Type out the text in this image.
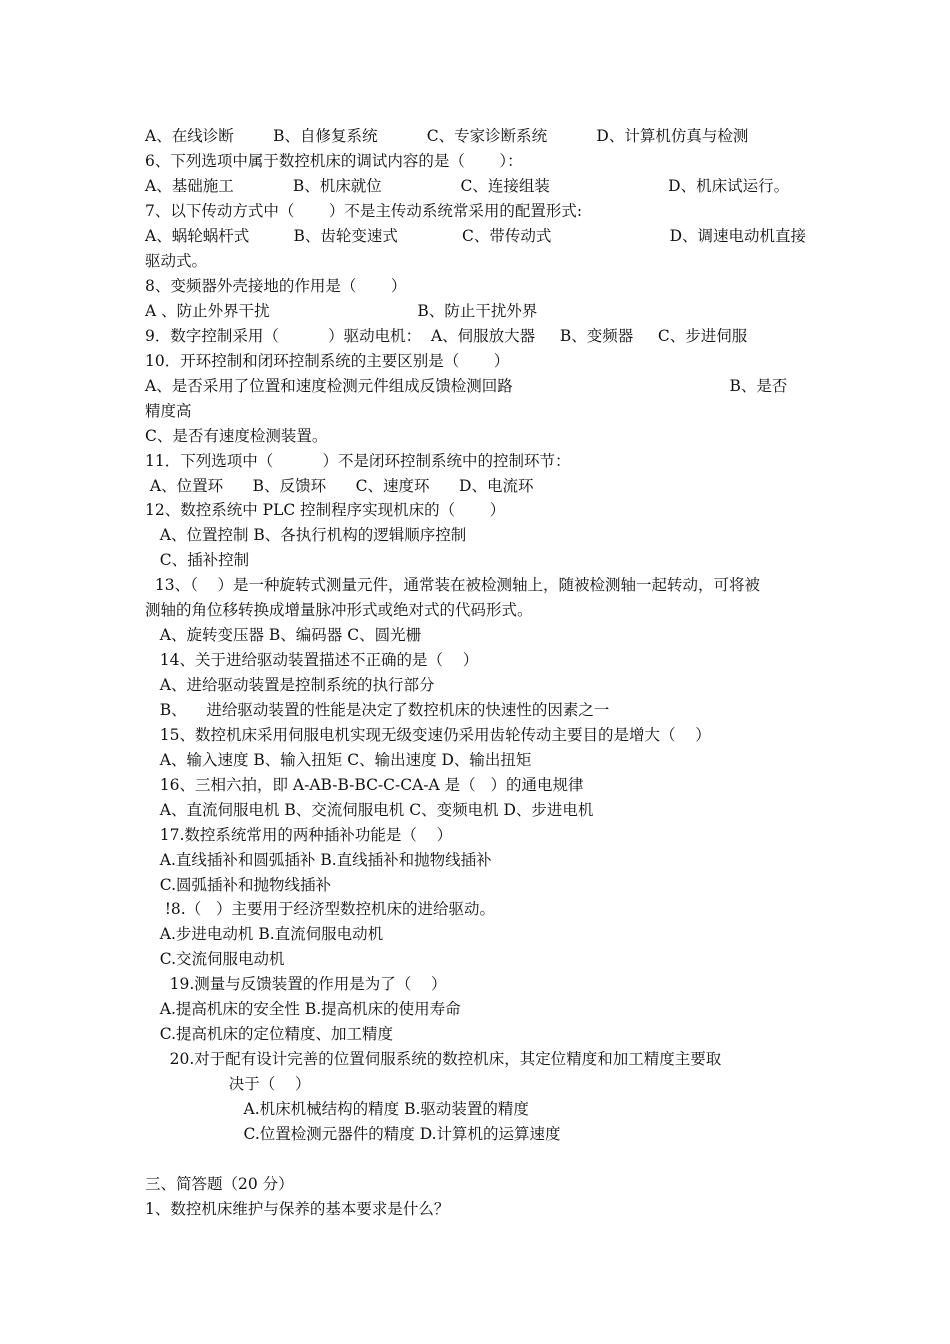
A、在线诊断        B、自修复系统          C、专家诊断系统          D、计算机仿真与检测
6、下列选项中属于数控机床的调试内容的是（       ）：
A、基础施工            B、机床就位                C、连接组装                        D、机床试运行。
7、以下传动方式中（       ）不是主传动系统常采用的配置形式:
A、蜗轮蜗杆式         B、齿轮变速式             C、带传动式                        D、调速电动机直接
驱动式。
8、变频器外壳接地的作用是（       ）
A 、防止外界干扰                              B、防止干扰外界
9．数字控制采用（          ）驱动电机：  A、伺服放大器     B、变频器     C、步进伺服
10．开环控制和闭环控制系统的主要区别是（       ）
A、是否采用了位置和速度检测元件组成反馈检测回路                                            B、是否
精度高
C、是否有速度检测装置。
11．下列选项中（          ）不是闭环控制系统中的控制环节：
A、位置环      B、反馈环      C、速度环      D、电流环
12、数控系统中 PLC 控制程序实现机床的（       ）
A、位置控制 B、各执行机构的逻辑顺序控制
C、插补控制
13、（    ）是一种旋转式测量元件，通常装在被检测轴上，随被检测轴一起转动，可将被
测轴的角位移转换成增量脉冲形式或绝对式的代码形式。
A、旋转变压器 B、编码器 C、圆光栅
14、关于进给驱动装置描述不正确的是（    ）
A、进给驱动装置是控制系统的执行部分
B、    进给驱动装置的性能是决定了数控机床的快速性的因素之一
15、数控机床采用伺服电机实现无级变速仍采用齿轮传动主要目的是增大（    ）
A、输入速度 B、输入扭矩 C、输出速度 D、输出扭矩
16、三相六拍，即 A-AB-B-BC-C-CA-A 是（   ）的通电规律
A、直流伺服电机 B、交流伺服电机 C、变频电机 D、步进电机
17.数控系统常用的两种插补功能是（    ）
A.直线插补和圆弧插补 B.直线插补和抛物线插补
C.圆弧插补和抛物线插补
!8.（   ）主要用于经济型数控机床的进给驱动。
A.步进电动机 B.直流伺服电动机
C.交流伺服电动机
19.测量与反馈装置的作用是为了（    ）
A.提高机床的安全性 B.提高机床的使用寿命
C.提高机床的定位精度、加工精度
20.对于配有设计完善的位置伺服系统的数控机床，其定位精度和加工精度主要取
决于（    ）
A.机床机械结构的精度 B.驱动装置的精度
C.位置检测元器件的精度 D.计算机的运算速度
三、简答题（20 分）
1、数控机床维护与保养的基本要求是什么？
